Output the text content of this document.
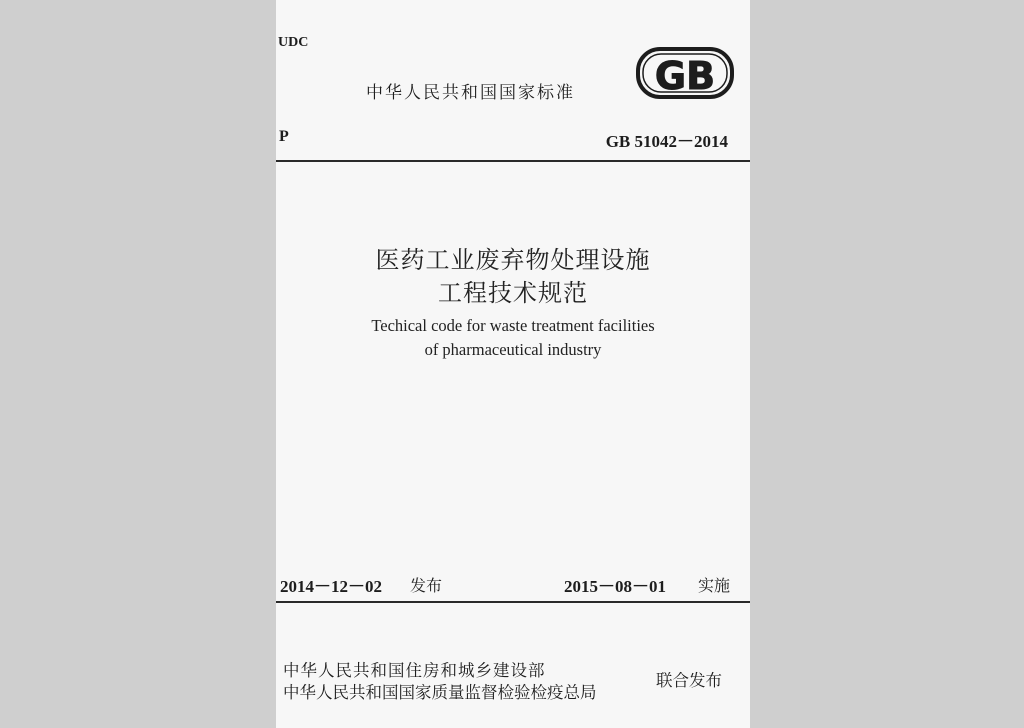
UDC
中华人民共和国国家标准 GB
P	GB 51042－2014
医药工业废弃物处理设施
工程技术规范
Techical code for waste treatment facilities
of pharmaceutical industry
2014－12－02 发布	2015－08－01 实施
中华人民共和国住房和城乡建设部
中华人民共和国国家质量监督检验检疫总局
联合发布
